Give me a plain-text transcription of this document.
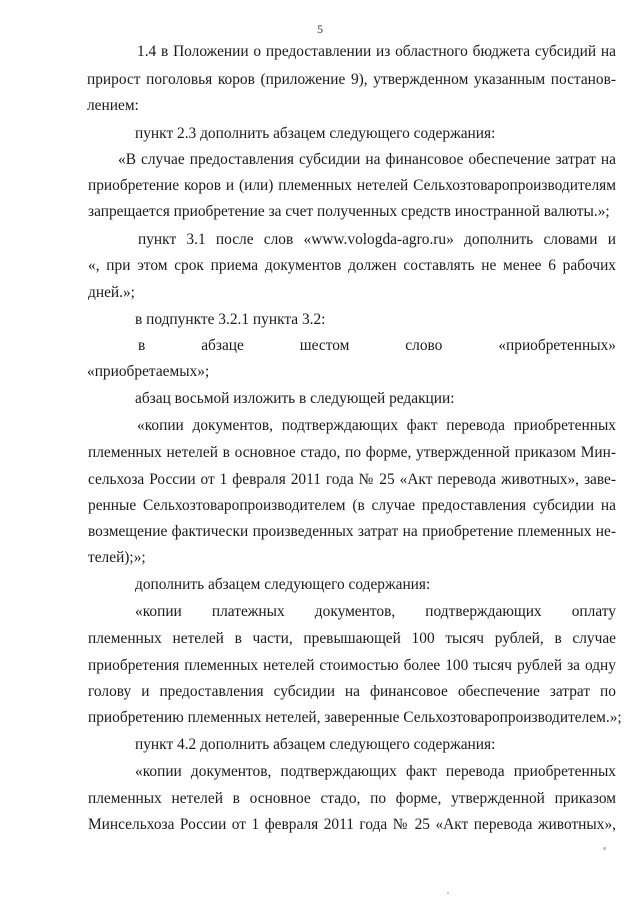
5
1.4 в Положении о предоставлении из областного бюджета субсидий на
прирост поголовья коров (приложение 9), утвержденном указанным постанов-
лением:
пункт 2.3 дополнить абзацем следующего содержания:
«В случае предоставления субсидии на финансовое обеспечение затрат на
приобретение коров и (или) племенных нетелей Сельхозтоваропроизводителям
запрещается приобретение за счет полученных средств иностранной валюты.»;
пункт 3.1 после слов «www.vologda-agro.ru» дополнить словами и
«, при этом срок приема документов должен составлять не менее 6 рабочих
дней.»;
в подпункте 3.2.1 пункта 3.2:
в абзаце шестом слово «приобретенных»
«приобретаемых»;
абзац восьмой изложить в следующей редакции:
«копии документов, подтверждающих факт перевода приобретенных
племенных нетелей в основное стадо, по форме, утвержденной приказом Мин-
сельхоза России от 1 февраля 2011 года № 25 «Акт перевода животных», заве-
ренные Сельхозтоваропроизводителем (в случае предоставления субсидии на
возмещение фактически произведенных затрат на приобретение племенных не-
телей);»;
дополнить абзацем следующего содержания:
«копии платежных документов, подтверждающих оплату
племенных нетелей в части, превышающей 100 тысяч рублей, в случае
приобретения племенных нетелей стоимостью более 100 тысяч рублей за одну
голову и предоставления субсидии на финансовое обеспечение затрат по
приобретению племенных нетелей, заверенные Сельхозтоваропроизводителем.»;
пункт 4.2 дополнить абзацем следующего содержания:
«копии документов, подтверждающих факт перевода приобретенных
племенных нетелей в основное стадо, по форме, утвержденной приказом
Минсельхоза России от 1 февраля 2011 года № 25 «Акт перевода животных»,
